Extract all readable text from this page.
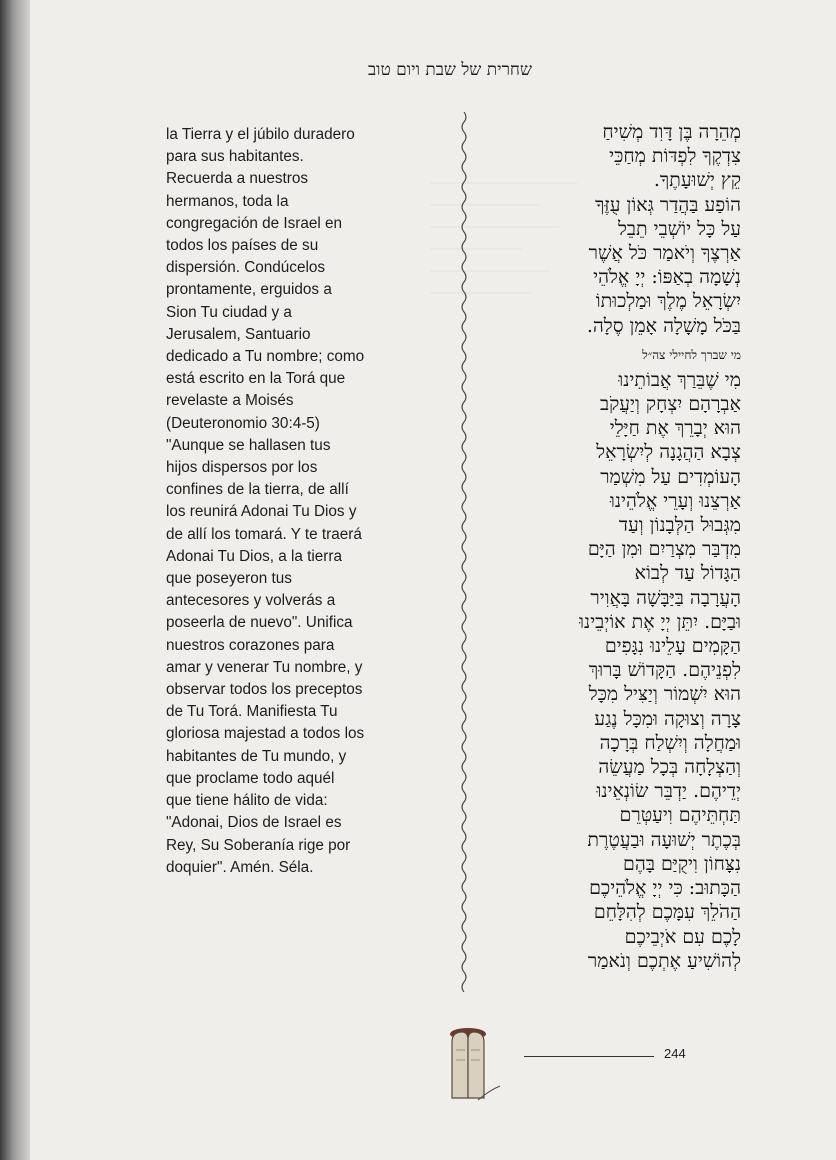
────────────────
────────────
──────────────
──────────
─────────────
───────────

שחרית של שבת ויום טוב
la Tierra y el júbilo duradero
para sus habitantes.
Recuerda a nuestros
hermanos, toda la
congregación de Israel en
todos los países de su
dispersión. Condúcelos
prontamente, erguidos a
Sion Tu ciudad y a
Jerusalem, Santuario
dedicado a Tu nombre; como
está escrito en la Torá que
revelaste a Moisés
(Deuteronomio 30:4-5)
"Aunque se hallasen tus
hijos dispersos por los
confines de la tierra, de allí
los reunirá Adonai Tu Dios y
de allí los tomará. Y te traerá
Adonai Tu Dios, a la tierra
que poseyeron tus
antecesores y volverás a
poseerla de nuevo". Unifica
nuestros corazones para
amar y venerar Tu nombre, y
observar todos los preceptos
de Tu Torá. Manifiesta Tu
gloriosa majestad a todos los
habitantes de Tu mundo, y
que proclame todo aquél
que tiene hálito de vida:
"Adonai, Dios de Israel es
Rey, Su Soberanía rige por
doquier". Amén. Séla.
מְהֵרָה בֶּן דָּוִד מְשִׁיחַ
צִדְקֶךָ לִפְדּוֹת מְחַכֵּי
קֵץ יְשׁוּעָתֶךָ.
הוֹפַע בַּהֲדַר גְּאוֹן עֻזֶּךָ
עַל כָּל יוֹשְׁבֵי תֵבֵל
אַרְצֶךָ וְיֹאמַר כֹּל אֲשֶׁר
נְשָׁמָה בְאַפּוֹ: יְיָ אֱלֹהֵי
יִשְׂרָאֵל מֶלֶךְ וּמַלְכוּתוֹ
בַּכֹּל מָשָׁלָה אָמֵן סֶלָה.
מי שברך לחיילי צה״ל
מִי שֶׁבֵּרַךְ אֲבוֹתֵינוּ
אַבְרָהָם יִצְחָק וְיַעֲקֹב
הוּא יְבָרֵךְ אֶת חַיָּלֵי
צְבָא הַהֲגָנָה לְיִשְׂרָאֵל
הָעוֹמְדִים עַל מִשְׁמַר
אַרְצֵנוּ וְעָרֵי אֱלֹהֵינוּ
מִגְּבוּל הַלְּבָנוֹן וְעַד
מִדְבַּר מִצְרַיִם וּמִן הַיָּם
הַגָּדוֹל עַד לְבוֹא
הָעֲרָבָה בַּיַּבָּשָׁה בָּאֲוִיר
וּבַיָּם. יִתֵּן יְיָ אֶת אוֹיְבֵינוּ
הַקָּמִים עָלֵינוּ נִגָּפִים
לִפְנֵיהֶם. הַקָּדוֹשׁ בָּרוּךְ
הוּא יִשְׁמוֹר וְיַצִּיל מִכָּל
צָרָה וְצוּקָה וּמִכָּל נֶגַע
וּמַחֲלָה וְיִשְׁלַח בְּרָכָה
וְהַצְלָחָה בְּכָל מַעֲשֵׂה
יְדֵיהֶם. יַדְבֵּר שׂוֹנְאֵינוּ
תַּחְתֵּיהֶם וִיעַטְּרֵם
בְּכֶתֶר יְשׁוּעָה וּבַעֲטֶרֶת
נִצָּחוֹן וִיקֻיַּם בָּהֶם
הַכָּתוּב: כִּי יְיָ אֱלֹהֵיכֶם
הַהֹלֵךְ עִמָּכֶם לְהִלָּחֵם
לָכֶם עִם אֹיְבֵיכֶם
לְהוֹשִׁיעַ אֶתְכֶם וְנֹאמַר
244
